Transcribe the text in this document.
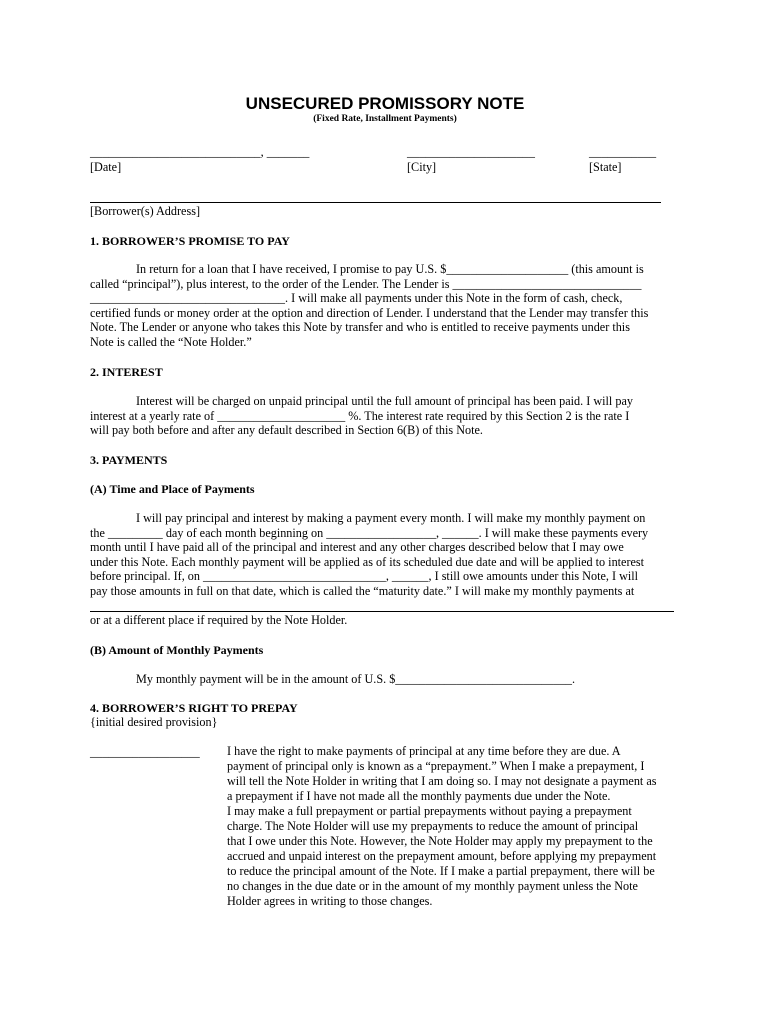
UNSECURED PROMISSORY NOTE
(Fixed Rate, Installment Payments)
____________________________, _______
[Date]
_____________________
[City]
___________
[State]
[Borrower(s) Address]
1. BORROWER’S PROMISE TO PAY
In return for a loan that I have received, I promise to pay U.S. $____________________ (this amount is
called “principal”), plus interest, to the order of the Lender. The Lender is _______________________________
________________________________. I will make all payments under this Note in the form of cash, check,
certified funds or money order at the option and direction of Lender. I understand that the Lender may transfer this
Note. The Lender or anyone who takes this Note by transfer and who is entitled to receive payments under this
Note is called the “Note Holder.”
2. INTEREST
Interest will be charged on unpaid principal until the full amount of principal has been paid. I will pay
interest at a yearly rate of _____________________ %. The interest rate required by this Section 2 is the rate I
will pay both before and after any default described in Section 6(B) of this Note.
3. PAYMENTS
(A) Time and Place of Payments
I will pay principal and interest by making a payment every month. I will make my monthly payment on
the _________ day of each month beginning on __________________, ______. I will make these payments every
month until I have paid all of the principal and interest and any other charges described below that I may owe
under this Note. Each monthly payment will be applied as of its scheduled due date and will be applied to interest
before principal. If, on ______________________________, ______, I still owe amounts under this Note, I will
pay those amounts in full on that date, which is called the “maturity date.” I will make my monthly payments at
or at a different place if required by the Note Holder.
(B) Amount of Monthly Payments
My monthly payment will be in the amount of U.S. $_____________________________.
4. BORROWER’S RIGHT TO PREPAY
{initial desired provision}
__________________ I have the right to make payments of principal at any time before they are due. A
payment of principal only is known as a “prepayment.” When I make a prepayment, I
will tell the Note Holder in writing that I am doing so. I may not designate a payment as
a prepayment if I have not made all the monthly payments due under the Note.
I may make a full prepayment or partial prepayments without paying a prepayment
charge. The Note Holder will use my prepayments to reduce the amount of principal
that I owe under this Note. However, the Note Holder may apply my prepayment to the
accrued and unpaid interest on the prepayment amount, before applying my prepayment
to reduce the principal amount of the Note. If I make a partial prepayment, there will be
no changes in the due date or in the amount of my monthly payment unless the Note
Holder agrees in writing to those changes.
